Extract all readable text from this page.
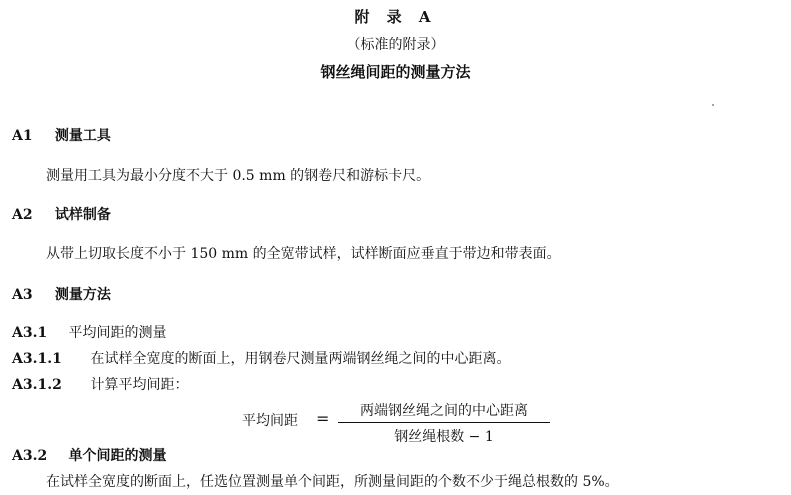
附 录 A
（标准的附录）
钢丝绳间距的测量方法
A1 测量工具
测量用工具为最小分度不大于 0.5 mm 的钢卷尺和游标卡尺。
A2 试样制备
从带上切取长度不小于 150 mm 的全宽带试样，试样断面应垂直于带边和带表面。
A3 测量方法
A3.1 平均间距的测量
A3.1.1 在试样全宽度的断面上，用钢卷尺测量两端钢丝绳之间的中心距离。
A3.1.2 计算平均间距：
平均间距 =	两端钢丝绳之间的中心距离
钢丝绳根数 − 1
A3.2 单个间距的测量
在试样全宽度的断面上，任选位置测量单个间距，所测量间距的个数不少于绳总根数的 5%。
